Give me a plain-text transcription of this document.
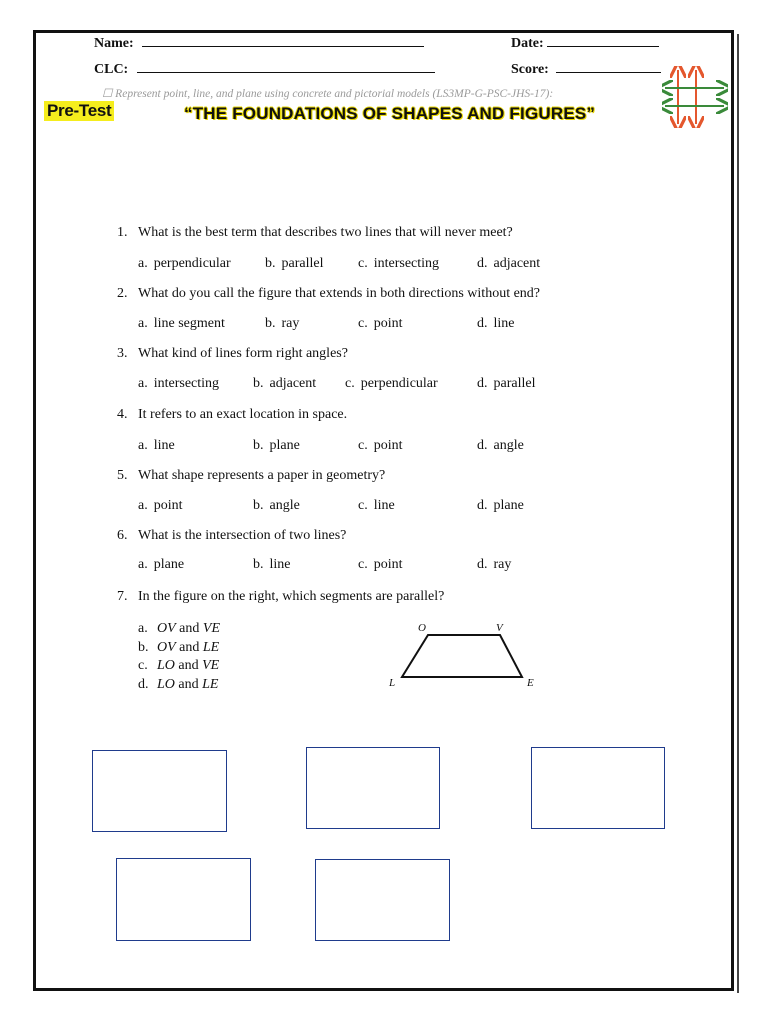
Name:	Date:
CLC:	Score:
☐ Represent point, line, and plane using concrete and pictorial models (LS3MP-G-PSC-JHS-17):
Pre-Test	“THE FOUNDATIONS OF SHAPES AND FIGURES”
1. What is the best term that describes two lines that will never meet?
a. perpendicular b. parallel c. intersecting	d. adjacent
2. What do you call the figure that extends in both directions without end?
a. line segment	b. ray	c. point	d. line
3. What kind of lines form right angles?
a. intersecting b. adjacent c. perpendicular	d. parallel
4. It refers to an exact location in space.
a. line	b. plane	c. point	d. angle
5. What shape represents a paper in geometry?
a. point	b. angle	c. line	d. plane
6. What is the intersection of two lines?
a. plane	b. line	c. point	d. ray
7. In the figure on the right, which segments are parallel?
a. OV and VE
b. OV and LE
c. LO and VE
d. LO and LE
O	V
L	E
